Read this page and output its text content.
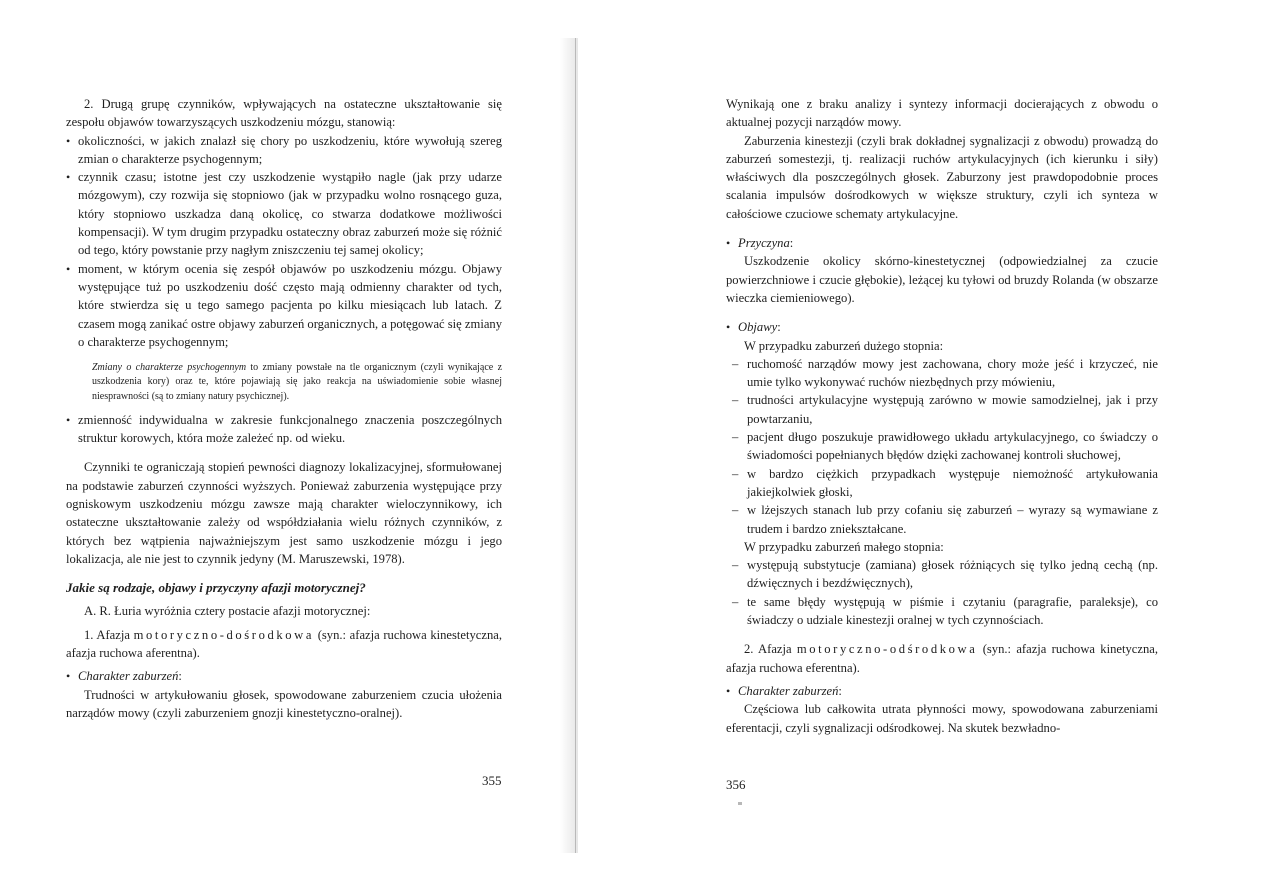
2. Drugą grupę czynników, wpływających na ostateczne ukształtowanie się zespołu objawów towarzyszących uszkodzeniu mózgu, stanowią:

• okoliczności, w jakich znalazł się chory po uszkodzeniu, które wywołują szereg zmian o charakterze psychogennym;
• czynnik czasu; istotne jest czy uszkodzenie wystąpiło nagle (jak przy udarze mózgowym), czy rozwija się stopniowo (jak w przypadku wolno rosnącego guza, który stopniowo uszkadza daną okolicę, co stwarza dodatkowe możliwości kompensacji). W tym drugim przypadku ostateczny obraz zaburzeń może się różnić od tego, który powstanie przy nagłym zniszczeniu tej samej okolicy;
• moment, w którym ocenia się zespół objawów po uszkodzeniu mózgu. Objawy występujące tuż po uszkodzeniu dość często mają odmienny charakter od tych, które stwierdza się u tego samego pacjenta po kilku miesiącach lub latach. Z czasem mogą zanikać ostre objawy zaburzeń organicznych, a potęgować się zmiany o charakterze psychogennym;

Zmiany o charakterze psychogennym to zmiany powstałe na tle organicznym (czyli wynikające z uszkodzenia kory) oraz te, które pojawiają się jako reakcja na uświadomienie sobie własnej niesprawności (są to zmiany natury psychicznej).

• zmienność indywidualna w zakresie funkcjonalnego znaczenia poszczególnych struktur korowych, która może zależeć np. od wieku.

Czynniki te ograniczają stopień pewności diagnozy lokalizacyjnej, sformułowanej na podstawie zaburzeń czynności wyższych. Ponieważ zaburzenia występujące przy ogniskowym uszkodzeniu mózgu zawsze mają charakter wieloczynnikowy, ich ostateczne ukształtowanie zależy od współdziałania wielu różnych czynników, z których bez wątpienia najważniejszym jest samo uszkodzenie mózgu i jego lokalizacja, ale nie jest to czynnik jedyny (M. Maruszewski, 1978).

Jakie są rodzaje, objawy i przyczyny afazji motorycznej?

A. R. Łuria wyróżnia cztery postacie afazji motorycznej:

1. Afazja motoryczno-dośrodkowa (syn.: afazja ruchowa kinestetyczna, afazja ruchowa aferentna).

• Charakter zaburzeń:

Trudności w artykułowaniu głosek, spowodowane zaburzeniem czucia ułożenia narządów mowy (czyli zaburzeniem gnozji kinestetyczno-oralnej).

355

Wynikają one z braku analizy i syntezy informacji docierających z obwodu o aktualnej pozycji narządów mowy.

Zaburzenia kinestezji (czyli brak dokładnej sygnalizacji z obwodu) prowadzą do zaburzeń somestezji, tj. realizacji ruchów artykulacyjnych (ich kierunku i siły) właściwych dla poszczególnych głosek. Zaburzony jest prawdopodobnie proces scalania impulsów dośrodkowych w większe struktury, czyli ich synteza w całościowe czuciowe schematy artykulacyjne.

• Przyczyna:

Uszkodzenie okolicy skórno-kinestetycznej (odpowiedzialnej za czucie powierzchniowe i czucie głębokie), leżącej ku tyłowi od bruzdy Rolanda (w obszarze wieczka ciemieniowego).

• Objawy:

W przypadku zaburzeń dużego stopnia:

– ruchomość narządów mowy jest zachowana, chory może jeść i krzyczeć, nie umie tylko wykonywać ruchów niezbędnych przy mówieniu,
– trudności artykulacyjne występują zarówno w mowie samodzielnej, jak i przy powtarzaniu,
– pacjent długo poszukuje prawidłowego układu artykulacyjnego, co świadczy o świadomości popełnianych błędów dzięki zachowanej kontroli słuchowej,
– w bardzo ciężkich przypadkach występuje niemożność artykułowania jakiejkolwiek głoski,
– w lżejszych stanach lub przy cofaniu się zaburzeń – wyrazy są wymawiane z trudem i bardzo zniekształcane.

W przypadku zaburzeń małego stopnia:

– występują substytucje (zamiana) głosek różniących się tylko jedną cechą (np. dźwięcznych i bezdźwięcznych),
– te same błędy występują w piśmie i czytaniu (paragrafie, paraleksje), co świadczy o udziale kinestezji oralnej w tych czynnościach.

2. Afazja motoryczno-odśrodkowa (syn.: afazja ruchowa kinetyczna, afazja ruchowa eferentna).

• Charakter zaburzeń:

Częściowa lub całkowita utrata płynności mowy, spowodowana zaburzeniami eferentacji, czyli sygnalizacji odśrodkowej. Na skutek bezwładno-

356
